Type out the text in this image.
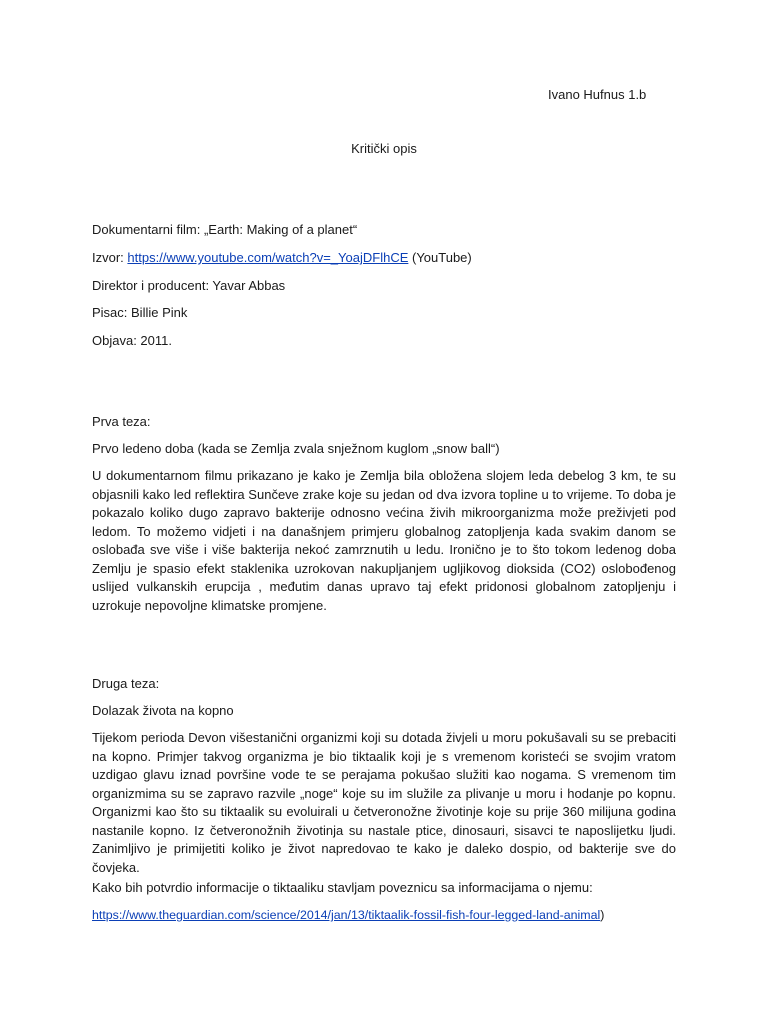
Ivano Hufnus 1.b
Kritički opis
Dokumentarni film: „Earth: Making of a planet“
Izvor: https://www.youtube.com/watch?v=_YoajDFlhCE (YouTube)
Direktor i producent: Yavar Abbas
Pisac: Billie Pink
Objava: 2011.
Prva teza:
Prvo ledeno doba (kada se Zemlja zvala snježnom kuglom „snow ball“)
U dokumentarnom filmu prikazano je kako je Zemlja bila obložena slojem leda debelog 3 km, te su objasnili kako led reflektira Sunčeve zrake koje su jedan od dva izvora topline u to vrijeme. To doba je pokazalo koliko dugo zapravo bakterije odnosno većina živih mikroorganizma može preživjeti pod ledom. To možemo vidjeti i na današnjem primjeru globalnog zatopljenja kada svakim danom se oslobađa sve više i više bakterija nekoć zamrznutih u ledu. Ironično je to što tokom ledenog doba Zemlju je spasio efekt staklenika uzrokovan nakupljanjem ugljikovog dioksida (CO2) oslobođenog uslijed vulkanskih erupcija , međutim danas upravo taj efekt pridonosi globalnom zatopljenju i uzrokuje nepovoljne klimatske promjene.
Druga teza:
Dolazak života na kopno
Tijekom perioda Devon višestanični organizmi koji su dotada živjeli u moru pokušavali su se prebaciti na kopno. Primjer takvog organizma je bio tiktaalik koji je s vremenom koristeći se svojim vratom uzdigao glavu iznad površine vode te se perajama pokušao služiti kao nogama. S vremenom tim organizmima su se zapravo razvile „noge“ koje su im služile za plivanje u moru i hodanje po kopnu. Organizmi kao što su tiktaalik su evoluirali u četveronožne životinje koje su prije 360 milijuna godina nastanile kopno. Iz četveronožnih životinja su nastale ptice, dinosauri, sisavci te naposlijetku ljudi. Zanimljivo je primijetiti koliko je život napredovao te kako je daleko dospio, od bakterije sve do čovjeka.
Kako bih potvrdio informacije o tiktaaliku stavljam poveznicu sa informacijama o njemu:
https://www.theguardian.com/science/2014/jan/13/tiktaalik-fossil-fish-four-legged-land-animal)
